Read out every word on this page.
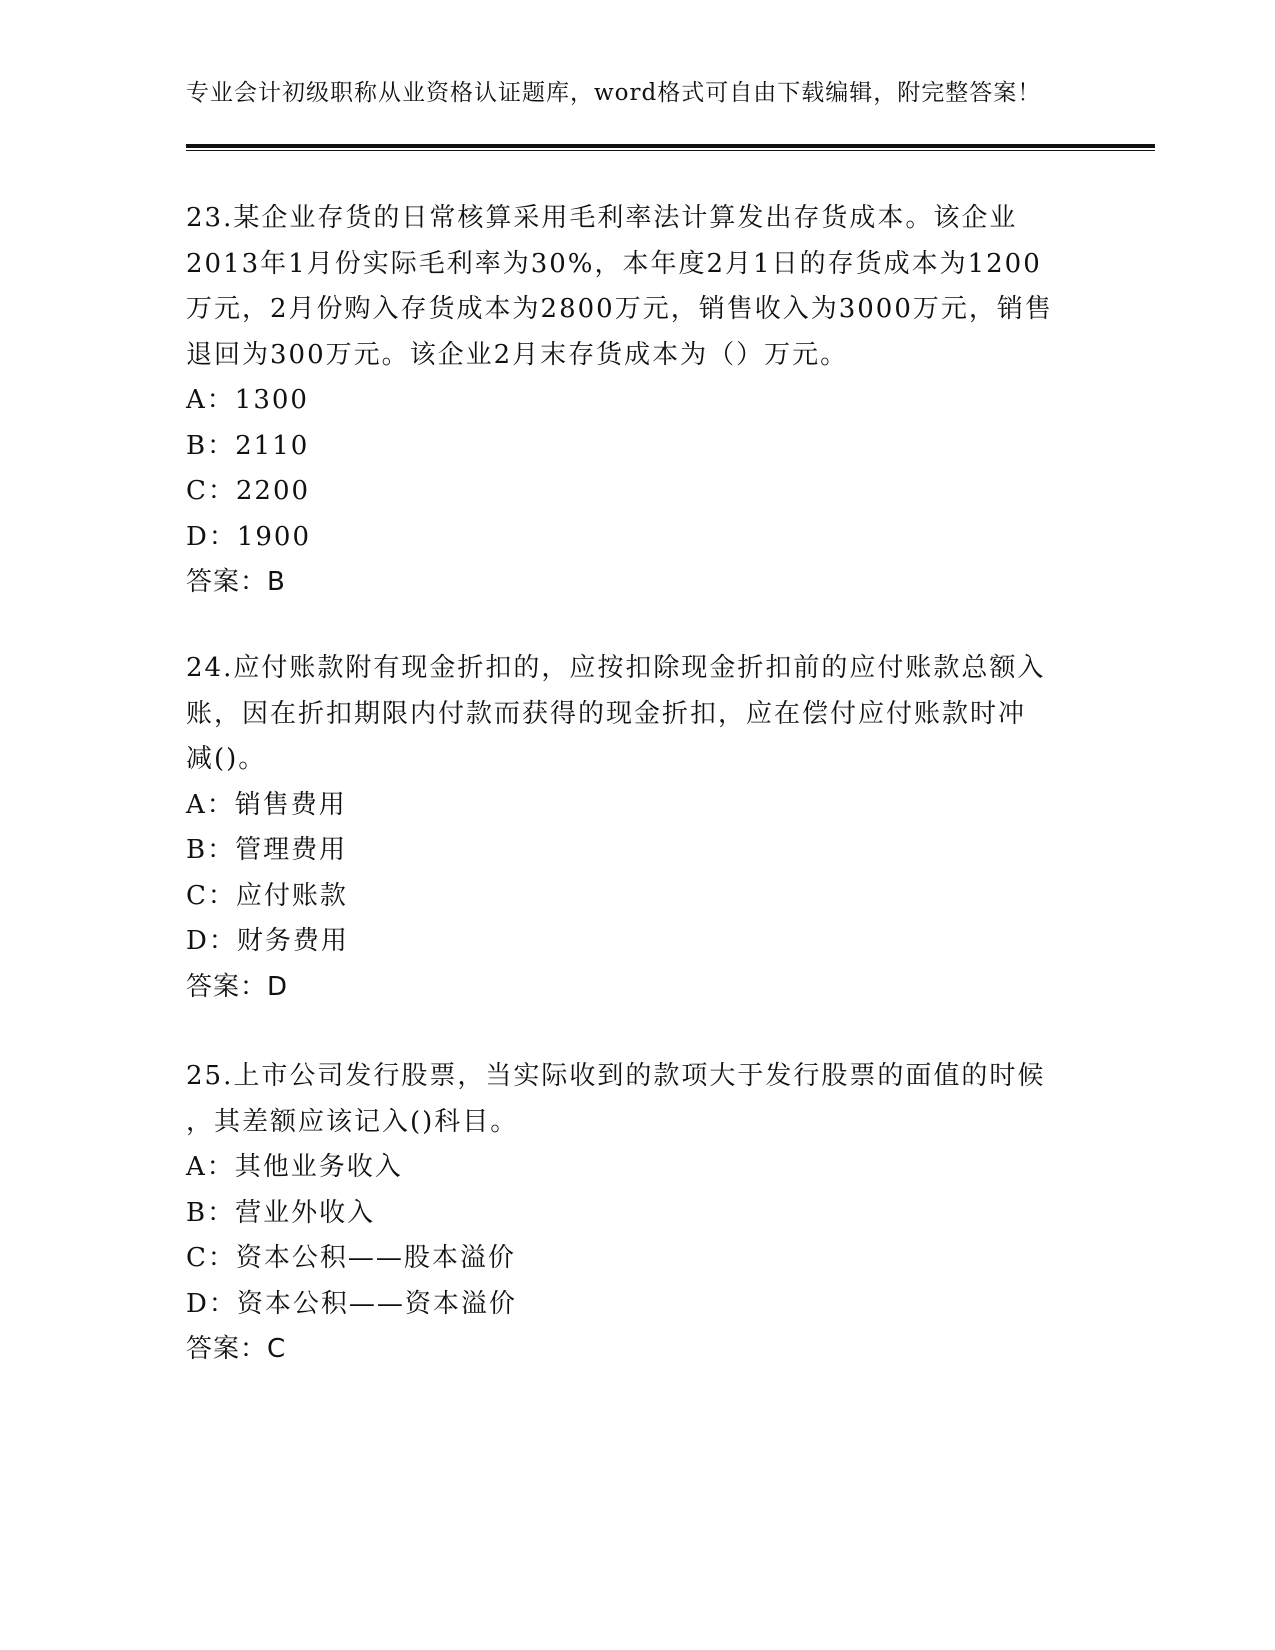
专业会计初级职称从业资格认证题库，word格式可自由下载编辑，附完整答案！
23.某企业存货的日常核算采用毛利率法计算发出存货成本。该企业
2013年1月份实际毛利率为30%，本年度2月1日的存货成本为1200
万元，2月份购入存货成本为2800万元，销售收入为3000万元，销售
退回为300万元。该企业2月末存货成本为（）万元。
A：1300
B：2110
C：2200
D：1900
答案：B
24.应付账款附有现金折扣的，应按扣除现金折扣前的应付账款总额入
账，因在折扣期限内付款而获得的现金折扣，应在偿付应付账款时冲
减()。
A：销售费用
B：管理费用
C：应付账款
D：财务费用
答案：D
25.上市公司发行股票，当实际收到的款项大于发行股票的面值的时候
，其差额应该记入()科目。
A：其他业务收入
B：营业外收入
C：资本公积——股本溢价
D：资本公积——资本溢价
答案：C
